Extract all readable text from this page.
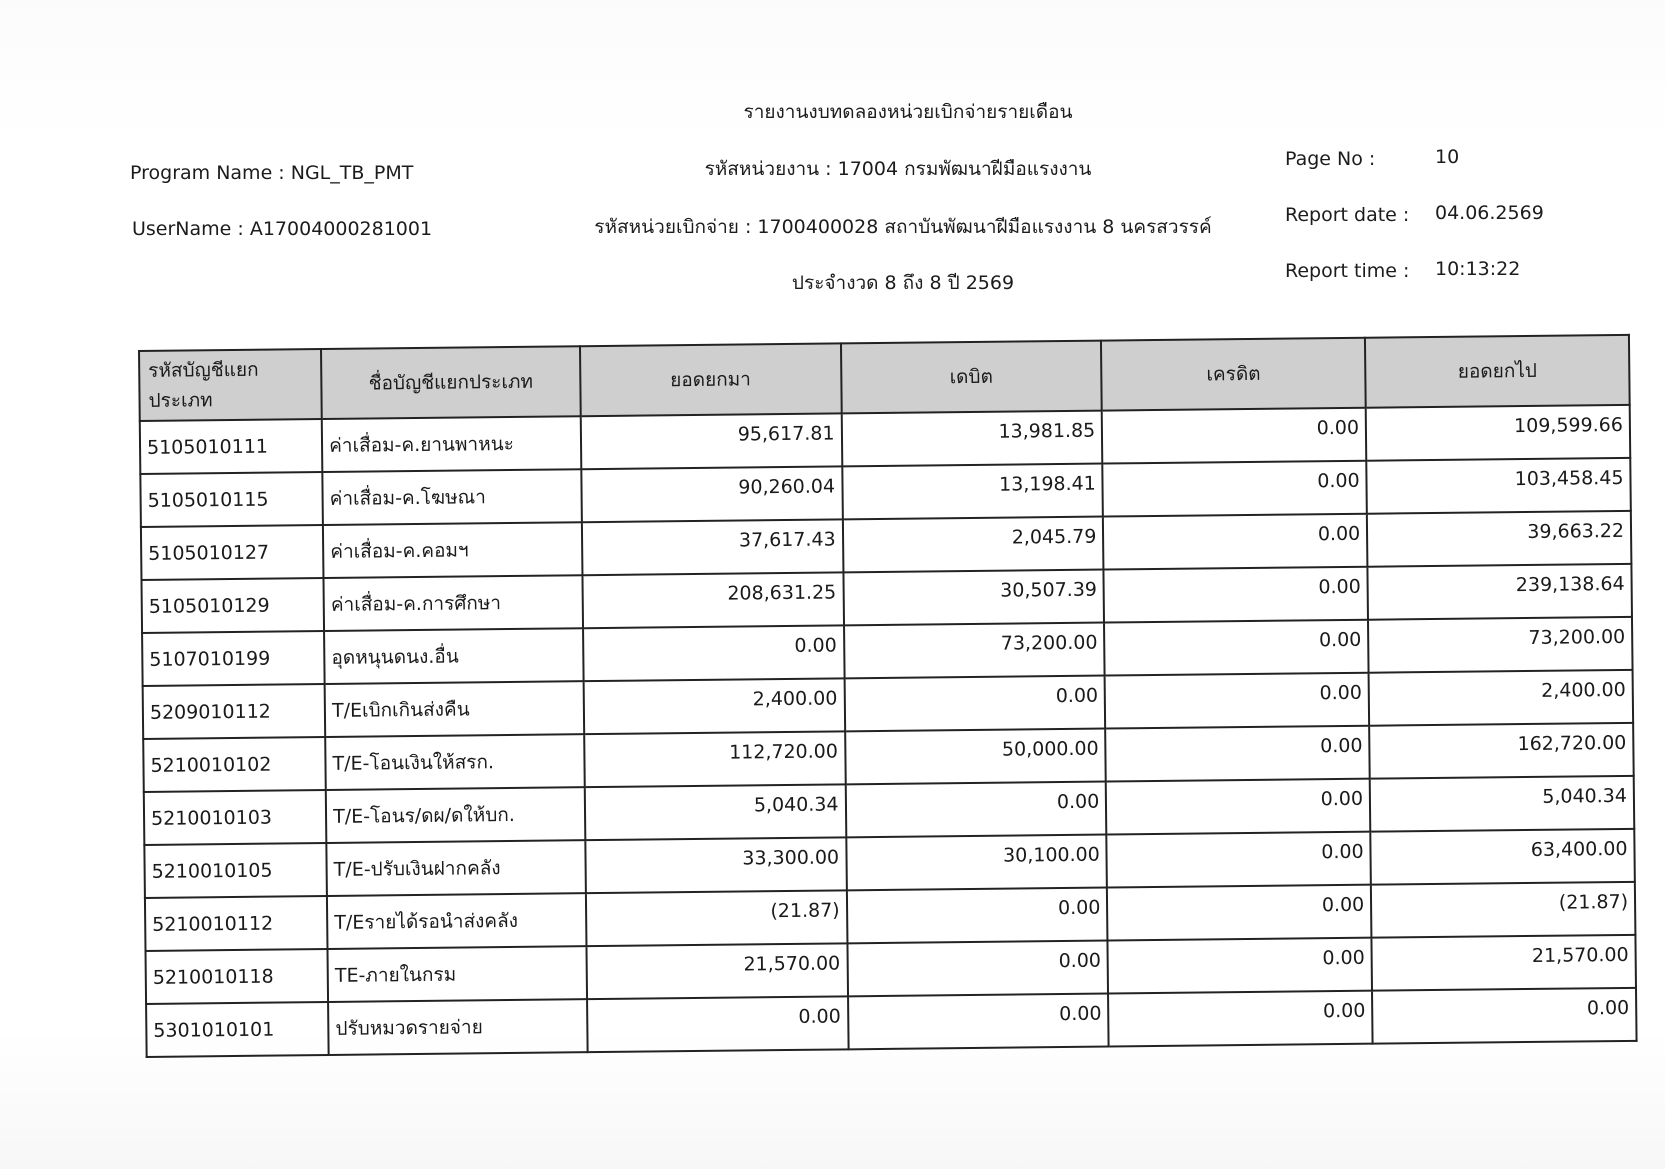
รายงานงบทดลองหน่วยเบิกจ่ายรายเดือน
รหัสหน่วยงาน : 17004 กรมพัฒนาฝีมือแรงงาน
รหัสหน่วยเบิกจ่าย : 1700400028 สถาบันพัฒนาฝีมือแรงงาน 8 นครสวรรค์
ประจำงวด 8 ถึง 8 ปี 2569
Program Name : NGL_TB_PMT
UserName : A17004000281001
Page No :	10
Report date : 04.06.2569
Report time : 10:13:22
รหัสบัญชีแยกประเภท	ชื่อบัญชีแยกประเภท	ยอดยกมา	เดบิต	เครดิต	ยอดยกไป
5105010111	ค่าเสื่อม-ค.ยานพาหนะ	95,617.81	13,981.85	0.00	109,599.66
5105010115	ค่าเสื่อม-ค.โฆษณา	90,260.04	13,198.41	0.00	103,458.45
5105010127	ค่าเสื่อม-ค.คอมฯ	37,617.43	2,045.79	0.00	39,663.22
5105010129	ค่าเสื่อม-ค.การศึกษา	208,631.25	30,507.39	0.00	239,138.64
5107010199	อุดหนุนดนง.อื่น	0.00	73,200.00	0.00	73,200.00
5209010112	T/Eเบิกเกินส่งคืน	2,400.00	0.00	0.00	2,400.00
5210010102	T/E-โอนเงินให้สรก.	112,720.00	50,000.00	0.00	162,720.00
5210010103	T/E-โอนร/ดผ/ดให้บก.	5,040.34	0.00	0.00	5,040.34
5210010105	T/E-ปรับเงินฝากคลัง	33,300.00	30,100.00	0.00	63,400.00
5210010112	T/Eรายได้รอนำส่งคลัง	(21.87)	0.00	0.00	(21.87)
5210010118	TE-ภายในกรม	21,570.00	0.00	0.00	21,570.00
5301010101	ปรับหมวดรายจ่าย	0.00	0.00	0.00	0.00
